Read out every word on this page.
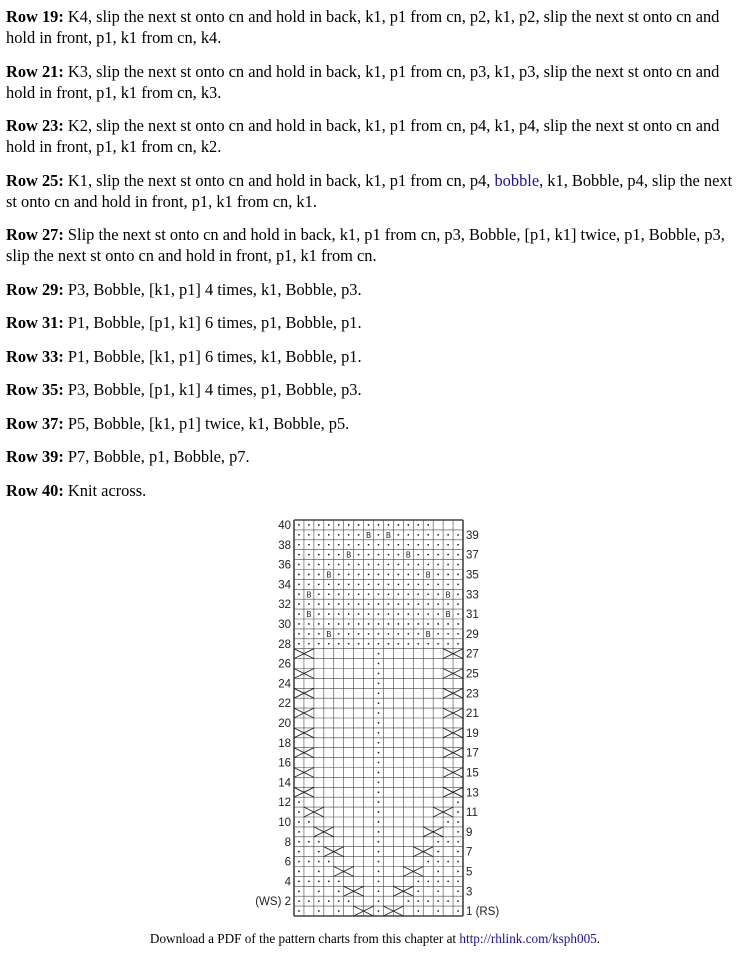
Row 19: K4, slip the next st onto cn and hold in back, k1, p1 from cn, p2, k1, p2, slip the next st onto cn and hold in front, p1, k1 from cn, k4.

Row 21: K3, slip the next st onto cn and hold in back, k1, p1 from cn, p3, k1, p3, slip the next st onto cn and hold in front, p1, k1 from cn, k3.

Row 23: K2, slip the next st onto cn and hold in back, k1, p1 from cn, p4, k1, p4, slip the next st onto cn and hold in front, p1, k1 from cn, k2.

Row 25: K1, slip the next st onto cn and hold in back, k1, p1 from cn, p4, bobble, k1, Bobble, p4, slip the next st onto cn and hold in front, p1, k1 from cn, k1.

Row 27: Slip the next st onto cn and hold in back, k1, p1 from cn, p3, Bobble, [p1, k1] twice, p1, Bobble, p3, slip the next st onto cn and hold in front, p1, k1 from cn.

Row 29: P3, Bobble, [k1, p1] 4 times, k1, Bobble, p3.

Row 31: P1, Bobble, [p1, k1] 6 times, p1, Bobble, p1.

Row 33: P1, Bobble, [k1, p1] 6 times, k1, Bobble, p1.

Row 35: P3, Bobble, [p1, k1] 4 times, p1, Bobble, p3.

Row 37: P5, Bobble, [k1, p1] twice, k1, Bobble, p5.

Row 39: P7, Bobble, p1, Bobble, p7.

Row 40: Knit across.

B	B
B	B
B	B
B	B
B	B
B B
40
38
36
34
32
30
28
26
24
22
20
18
16
14
12
10
8
6
4
(WS) 2
39
37
35
33
31
29
27
25
23
21
19
17
15
13
11
9
7
5
3
1 (RS)
Download a PDF of the pattern charts from this chapter at http://rhlink.com/ksph005.
